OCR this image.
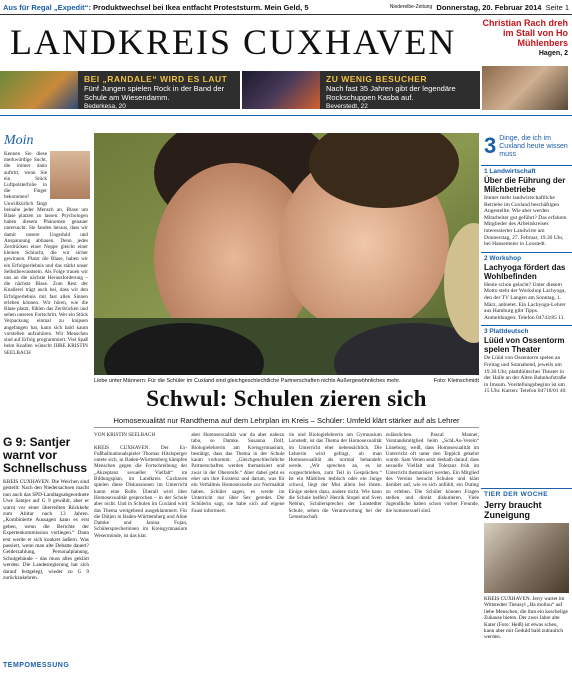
Aus für Regal „Expedit“:
Produktwechsel bei Ikea entfacht Proteststurm.
Mein Geld, 5	Niederelbe-Zeitung
Donnerstag, 20. Februar 2014
Seite 1
LANDKREIS CUXHAVEN	Christian Rach dreh im Stall von Ho Mühlenbers
Hagen, 2
BEI „RANDALE“ WIRD ES LAUT
Fünf Jungen spielen Rock in der Band der Schule am Wiesendamm.
Bederkesa, 20
ZU WENIG BESUCHER
Nach fast 35 Jahren gibt der legendäre Rockschuppen Kasba auf.
Beverstedt, 22
Moin
Kennen Sie diese merkwürdige Sucht, die immer dann auftritt, wenn Sie ein Stück Luftpolsterfolie in die Finger bekommen? Unwillkürlich fängt beinahe jeder Mensch an, Blase um Blase platzen zu lassen. Psychologen haben diesem Phänomen genauer untersucht. Sie fanden heraus, dass wir damit unsere Ungeduld und Anspannung abbauen. Denn jedes Zerdrücken einer Noppe gleicht einer kleinen Schlacht, die wir sicher gewinnen. Platzt die Blase, haben wir ein Erfolgserlebnis und das stärkt unser Selbstbewusstsein. Als Folge trauen wir uns an die nächste Herausforderung – die nächste Blase. Zum Rest der Knallerei trägt auch bei, dass wir den Erfolgserlebnis mit fast allen Sinnen erleben können. Wir hören, wie die Blase platzt, fühlen das Zerdrücken und sehen unseren Fortschritt. Wer ein Stück Verpackung einmal zu knipsen angefangen hat, kann sich bald kaum vorstellen aufzuhören. Wir Menschen sind auf Erfolg programmiert. Viel Spaß beim Knallen wünscht IHRE KRISTIN SEELBACH
Liebe unter Männern: Für die Schüler im Cuxland sind gleichgeschlechtliche Partnerschaften nichts Außergewöhnliches mehr.	Foto: Kleinschmidt
Schwul: Schulen zieren sich
Homosexualität nur Randthema auf dem Lehrplan im Kreis – Schüler: Umfeld klärt stärker auf als Lehrer
3 Dinge, die ich im Cuxland heute wissen muss
1 Landwirtschaft
Über die Führung der Milchbetriebe
Immer mehr landwirtschaftliche Betriebe im Cuxland beschäftigen Angestellte. Wie aber werden Mitarbeiter gut geführt? Das erfahren Mitglieder des Arbeitskreises interessierter Landwirte am Donnerstag, 27. Februar, 19.30 Uhr, bei Hansemeier in Loxstedt.
2 Workshop
Lachyoga fördert das Wohlbefinden
Heute schon gelacht? Unter diesem Motto steht der Workshop Lachyoga, den der TV Langen am Sonntag, 1. März, anbietet. Ein Lachyoga-Lehrer aus Hamburg gibt Tipps. Anmeldungen: Telefon 04743/85 11.
3 Plattdeutsch
Lüüd von Ossentorm spelen Theater
De Lüüd von Ossentorm spelen an Freitag und Sonnabend, jeweils um 19.30 Uhr, plattdüütsches Theater in der Halle an der Alten Bahnhofstraße in Imsum. Vorstellungsbeginn ist um 15 Uhr. Karten: Telefon 04718/01 40.
TIER DER WOCHE
Jerry braucht Zuneigung
KREIS CUXHAVEN. Jerry wartet im Wittstedter Tierasyl „Ha mollou“ auf liebe Menschen, die ihm ein kuschelige Zuhause bieten. Der zwei Jahre alte Kater (Foto: Heiß) ist etwas scheu, kann aber mit Geduld bald zutraulich werden.
G 9: Santjer warnt vor Schnellschuss
KREIS CUXHAVEN. Die Weichen sind gestellt: Nach den Niedersachsen macht nun auch das SPD-Landtagsabgeordnete Uwe Santjer auf G 9 gewählt, aber er warnt vor einer überreilten Rückkehr zum Abitur nach 13 Jahren. „Kombinierte Aussagen kann es erst geben, wenn die Berichte der Expertenkommission vorliegen.“ Dann erst werde er sich konkret äußern. Was passiert, wenn man alte Debatte dauert? Gelderzahlung, Personalplanung, Schulgebäude – das muss alles geklärt werden. Die Landesregierung hat sich darauf festgelegt, wieder zu G 9 zurückzukehren.
VON KRISTIN SEELBACH

KREIS CUXHAVEN. Der Ex-Fußballnationalspieler Thomas Hitzlsperger outete sich, in Baden-Württemberg kämpfen Menschen gegen die Fortschreibung der „Akzeptanz sexueller Vielfalt“ im Bildungsplan, im Landkreis Cuxhaven spielen diese Diskussionen im Unterricht kaum eine Rolle. Überall wird über Homosexualität gesprochen – in der Schule aber nicht. Und in Schulen im Cuxland wird das Thema weitgehend ausgeklammert. Für die Dütjen in Baden-Württemberg und Aline Damke und Janina Fojan, Schülersprecherinnen im Kreisgymnasium Wesermünde, ist das klar.
aber Homosexualität war da aber nahezu tabu, so Damke. Susanna Dolf, Biologielehrerin am Kreisgymnasium, bestätigt, dass das Thema in der Schule kaum vorkommt. „Gleichgeschlechtliche Partnerschaften werden thematisiert und zwar in der Oberstufe.“ Aber dabei geht es eher um ihre Existenz und darum, was für ein Verhältnis Homosexuelle zur Normalität haben. Schüler sagen, es werde im Unterricht nur über Sex geredet. Die Schülerin sagt, sie habe sich auf eigene Faust informiert.
rin und Biologielehrerin am Gymnasium Lonstedt, ist das Thema der Homosexualität im Unterricht eher nebensächlich. Die Lehrerin wird gefragt, ob man Homosexualität als normal behandeln werde. „Wir sprechen an, es ist vorgeschrieben, zum Teil in Gesprächen.“ Ist ein Mädchen lesbisch oder ein Junge schwul, liegt der Mut allein bei ihnen. Einige stehen dazu, andere nicht. Wie kann die Schule helfen? Henrik Stopel und Sven Neblun, Schülersprecher der Lonstedter Schule, sehen die Verantwortung bei der Gemeinschaft.
zulässlichen. Pascal Manner, Vorstandsmitglied beim „SchLAu-Verein“ Lüneburg, weiß, dass Homosexualität im Unterricht oft unter den Teppich gekehrt wurde. Sam Venen setzt deshalb darauf, dass sexuelle Vielfalt und Toleranz früh im Unterricht thematisiert werden. Ein Mitglied des Vereins besucht Schulen und klärt darüber auf, wie es sich anfühlt, ein Outing zu erleben. Die Schüler können Fragen stellen und direkt diskutieren. Viele Jugendliche haben schon vorher Freunde, die homosexuell sind.
TEMPOMESSUNG
